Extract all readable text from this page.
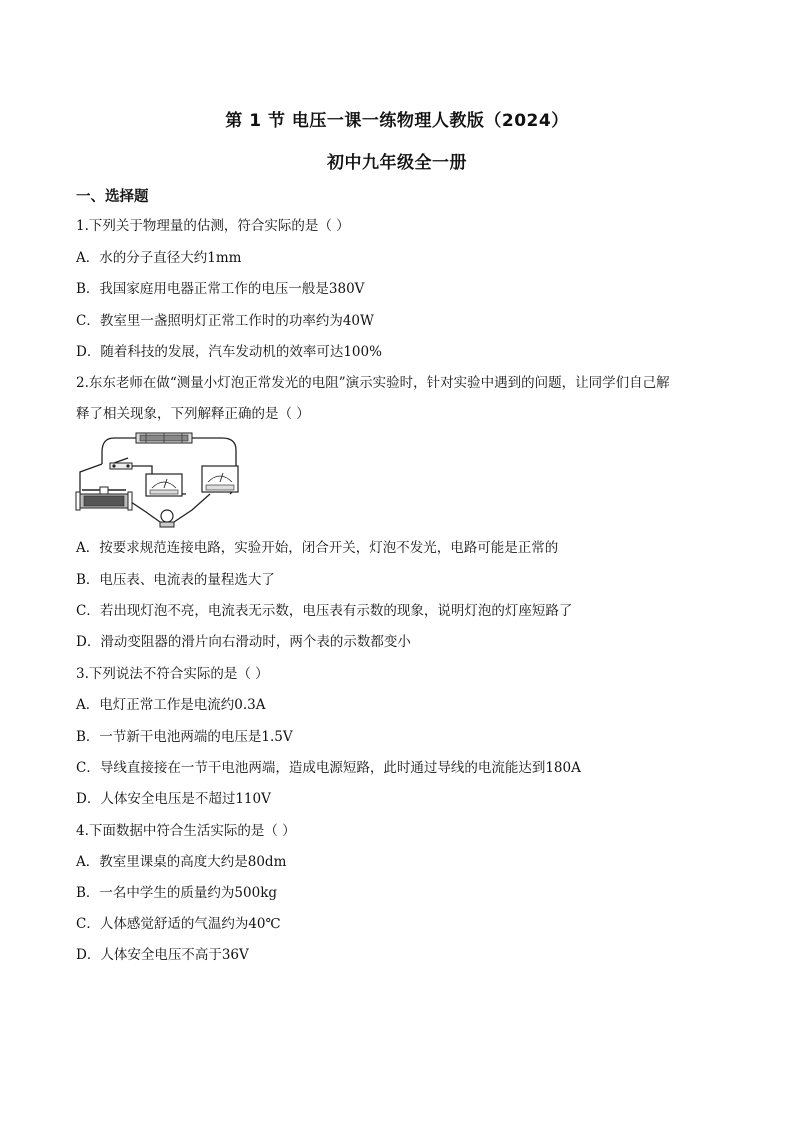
第 1 节 电压一课一练物理人教版（2024）
初中九年级全一册
一、选择题
1.下列关于物理量的估测，符合实际的是（ ）
A．水的分子直径大约1mm
B．我国家庭用电器正常工作的电压一般是380V
C．教室里一盏照明灯正常工作时的功率约为40W
D．随着科技的发展，汽车发动机的效率可达100%
2.东东老师在做“测量小灯泡正常发光的电阻”演示实验时，针对实验中遇到的问题，让同学们自己解
释了相关现象，下列解释正确的是（ ）
A．按要求规范连接电路，实验开始，闭合开关，灯泡不发光，电路可能是正常的
B．电压表、电流表的量程选大了
C．若出现灯泡不亮，电流表无示数，电压表有示数的现象，说明灯泡的灯座短路了
D．滑动变阻器的滑片向右滑动时，两个表的示数都变小
3.下列说法不符合实际的是（ ）
A．电灯正常工作是电流约0.3A
B．一节新干电池两端的电压是1.5V
C．导线直接接在一节干电池两端，造成电源短路，此时通过导线的电流能达到180A
D．人体安全电压是不超过110V
4.下面数据中符合生活实际的是（ ）
A．教室里课桌的高度大约是80dm
B．一名中学生的质量约为500kg
C．人体感觉舒适的气温约为40℃
D．人体安全电压不高于36V
